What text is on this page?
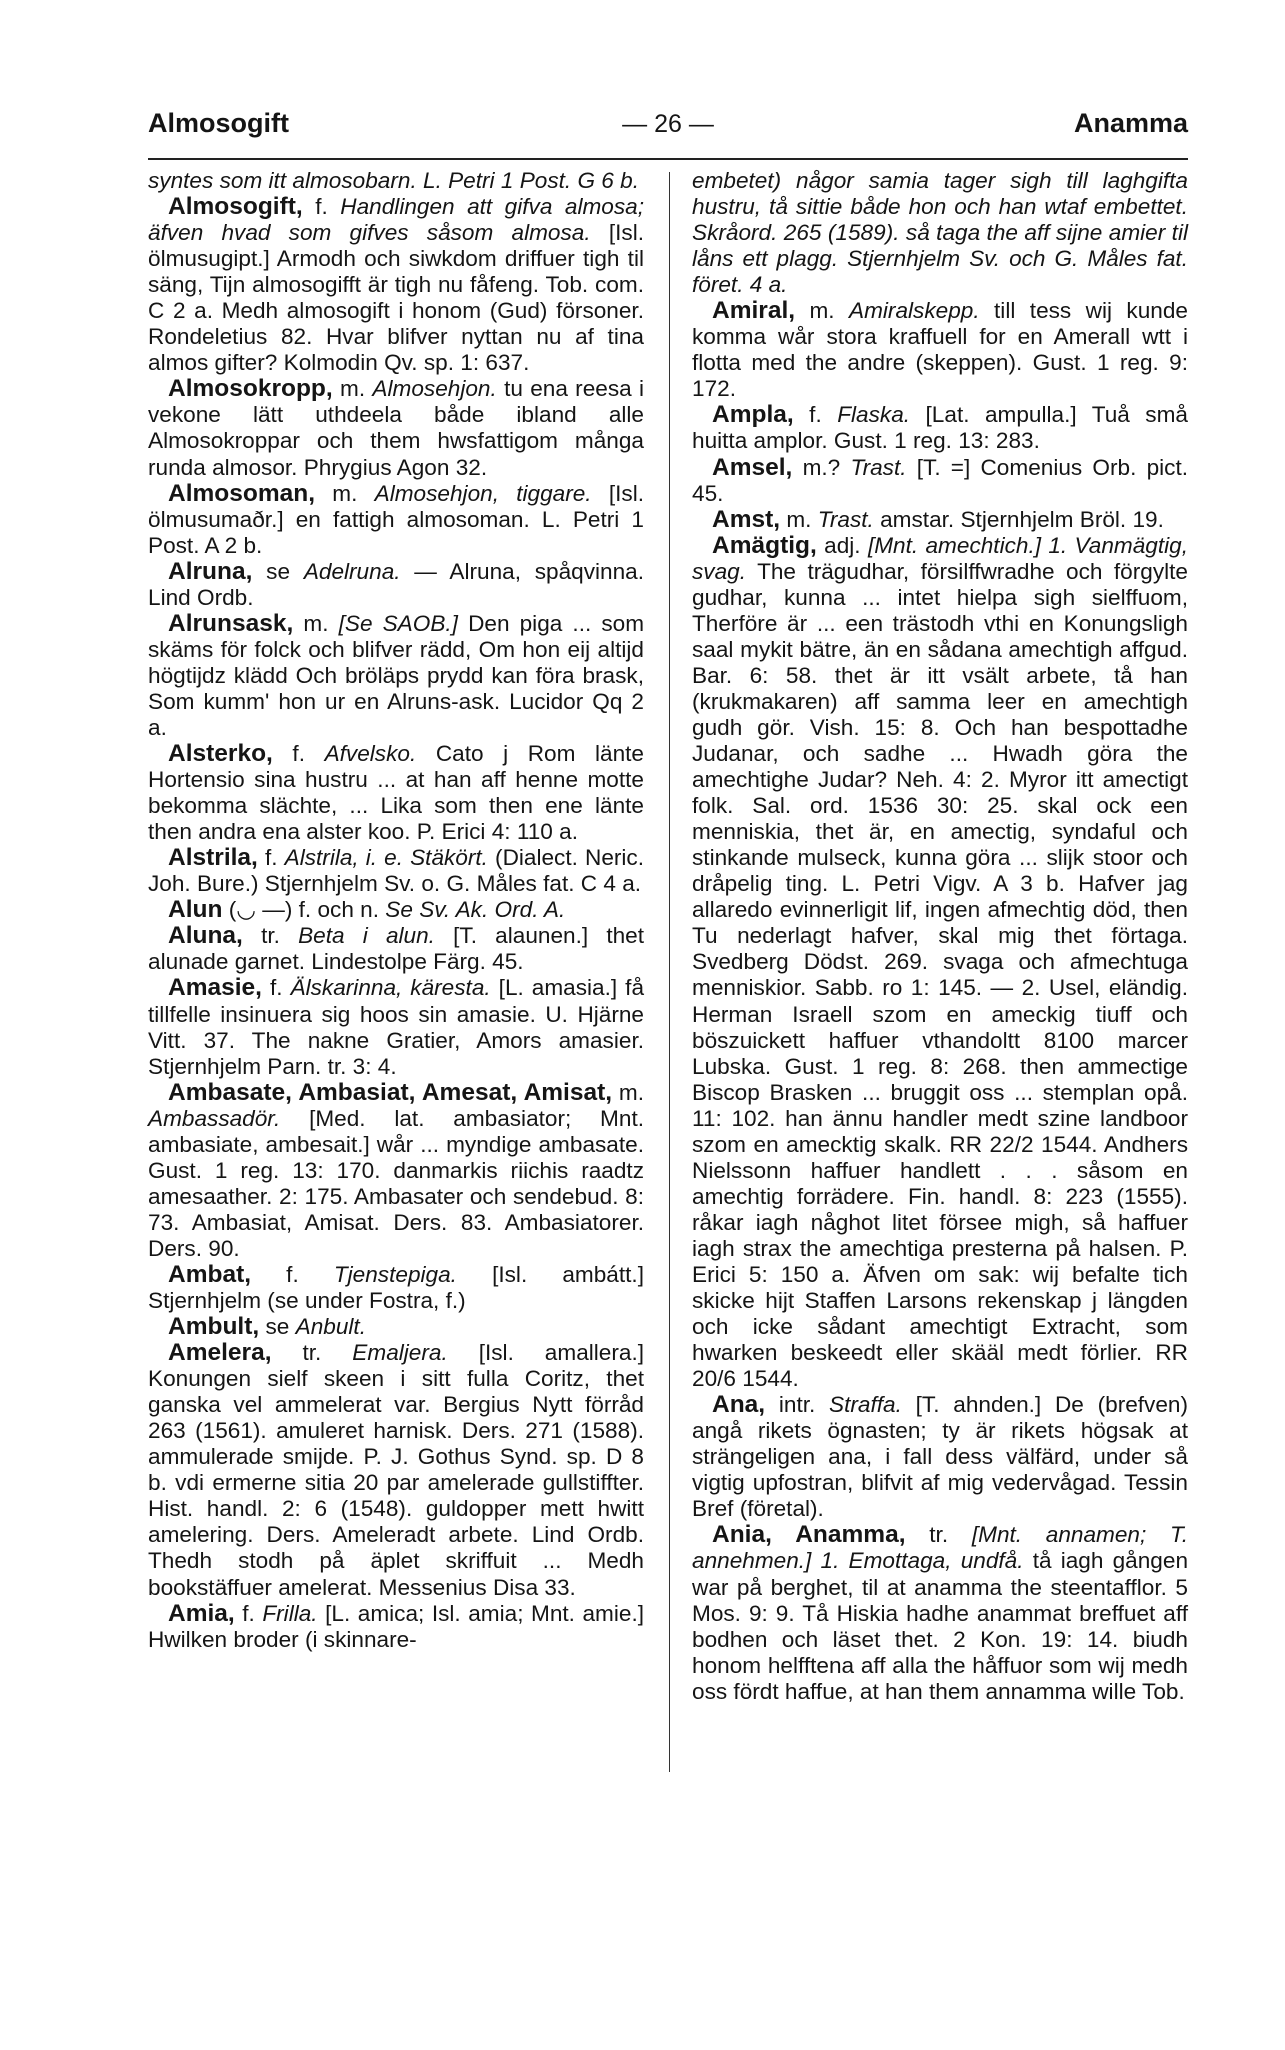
Almosogift	— 26 —	Anamma

syntes som itt almosobarn. L. Petri 1 Post. G 6 b.

Almosogift, f. Handlingen att gifva almosa; äfven hvad som gifves såsom almosa. [Isl. ölmusugipt.] Armodh och siwkdom driffuer tigh til säng, Tijn almosogifft är tigh nu fåfeng. Tob. com. C 2 a. Medh almosogift i honom (Gud) försoner. Rondeletius 82. Hvar blifver nyttan nu af tina almos gifter? Kolmodin Qv. sp. 1: 637.

Almosokropp, m. Almosehjon. tu ena reesa i vekone lätt uthdeela både ibland alle Almosokroppar och them hwsfattigom många runda almosor. Phrygius Agon 32.

Almosoman, m. Almosehjon, tiggare. [Isl. ölmusumaðr.] en fattigh almosoman. L. Petri 1 Post. A 2 b.

Alruna, se Adelruna. — Alruna, spåqvinna. Lind Ordb.

Alrunsask, m. [Se SAOB.] Den piga ... som skäms för folck och blifver rädd, Om hon eij altijd högtijdz klädd Och bröläps prydd kan föra brask, Som kumm' hon ur en Alruns-ask. Lucidor Qq 2 a.

Alsterko, f. Afvelsko. Cato j Rom länte Hortensio sina hustru ... at han aff henne motte bekomma slächte, ... Lika som then ene länte then andra ena alster koo. P. Erici 4: 110 a.

Alstrila, f. Alstrila, i. e. Stäkört. (Dialect. Neric. Joh. Bure.) Stjernhjelm Sv. o. G. Måles fat. C 4 a.

Alun (◡ —) f. och n. Se Sv. Ak. Ord. A.

Aluna, tr. Beta i alun. [T. alaunen.] thet alunade garnet. Lindestolpe Färg. 45.

Amasie, f. Älskarinna, käresta. [L. amasia.] få tillfelle insinuera sig hoos sin amasie. U. Hjärne Vitt. 37. The nakne Gratier, Amors amasier. Stjernhjelm Parn. tr. 3: 4.

Ambasate, Ambasiat, Amesat, Amisat, m. Ambassadör. [Med. lat. ambasiator; Mnt. ambasiate, ambesait.] wår ... myndige ambasate. Gust. 1 reg. 13: 170. danmarkis riichis raadtz amesaather. 2: 175. Ambasater och sendebud. 8: 73. Ambasiat, Amisat. Ders. 83. Ambasiatorer. Ders. 90.

Ambat, f. Tjenstepiga. [Isl. ambátt.] Stjernhjelm (se under Fostra, f.)

Ambult, se Anbult.

Amelera, tr. Emaljera. [Isl. amallera.] Konungen sielf skeen i sitt fulla Coritz, thet ganska vel ammelerat var. Bergius Nytt förråd 263 (1561). amuleret harnisk. Ders. 271 (1588). ammulerade smijde. P. J. Gothus Synd. sp. D 8 b. vdi ermerne sitia 20 par amelerade gullstiffter. Hist. handl. 2: 6 (1548). guldopper mett hwitt amelering. Ders. Ameleradt arbete. Lind Ordb. Thedh stodh på äplet skriffuit ... Medh bookstäffuer amelerat. Messenius Disa 33.

Amia, f. Frilla. [L. amica; Isl. amia; Mnt. amie.] Hwilken broder (i skinnare-

embetet) någor samia tager sigh till laghgifta hustru, tå sittie både hon och han wtaf embettet. Skråord. 265 (1589). så taga the aff sijne amier til låns ett plagg. Stjernhjelm Sv. och G. Måles fat. föret. 4 a.

Amiral, m. Amiralskepp. till tess wij kunde komma wår stora kraffuell for en Amerall wtt i flotta med the andre (skeppen). Gust. 1 reg. 9: 172.

Ampla, f. Flaska. [Lat. ampulla.] Tuå små huitta amplor. Gust. 1 reg. 13: 283.

Amsel, m.? Trast. [T. =] Comenius Orb. pict. 45.

Amst, m. Trast. amstar. Stjernhjelm Bröl. 19.

Amägtig, adj. [Mnt. amechtich.] 1. Vanmägtig, svag. The trägudhar, försilffwradhe och förgylte gudhar, kunna ... intet hielpa sigh sielffuom, Therföre är ... een trästodh vthi en Konungsligh saal mykit bätre, än en sådana amechtigh affgud. Bar. 6: 58. thet är itt vsält arbete, tå han (krukmakaren) aff samma leer en amechtigh gudh gör. Vish. 15: 8. Och han bespottadhe Judanar, och sadhe ... Hwadh göra the amechtighe Judar? Neh. 4: 2. Myror itt amectigt folk. Sal. ord. 1536 30: 25. skal ock een menniskia, thet är, en amectig, syndaful och stinkande mulseck, kunna göra ... slijk stoor och dråpelig ting. L. Petri Vigv. A 3 b. Hafver jag allaredo evinnerligit lif, ingen afmechtig död, then Tu nederlagt hafver, skal mig thet förtaga. Svedberg Dödst. 269. svaga och afmechtuga menniskior. Sabb. ro 1: 145. — 2. Usel, eländig. Herman Israell szom en ameckig tiuff och böszuickett haffuer vthandoltt 8100 marcer Lubska. Gust. 1 reg. 8: 268. then ammectige Biscop Brasken ... bruggit oss ... stemplan opå. 11: 102. han ännu handler medt szine landboor szom en amecktig skalk. RR 22/2 1544. Andhers Nielssonn haffuer handlett . . . såsom en amechtig forrädere. Fin. handl. 8: 223 (1555). råkar iagh någhot litet försee migh, så haffuer iagh strax the amechtiga presterna på halsen. P. Erici 5: 150 a. Äfven om sak: wij befalte tich skicke hijt Staffen Larsons rekenskap j längden och icke sådant amechtigt Extracht, som hwarken beskeedt eller skääl medt förlier. RR 20/6 1544.

Ana, intr. Straffa. [T. ahnden.] De (brefven) angå rikets ögnasten; ty är rikets högsak at strängeligen ana, i fall dess välfärd, under så vigtig upfostran, blifvit af mig vedervågad. Tessin Bref (företal).

Ania, Anamma, tr. [Mnt. annamen; T. annehmen.] 1. Emottaga, undfå. tå iagh gången war på berghet, til at anamma the steentafflor. 5 Mos. 9: 9. Tå Hiskia hadhe anammat breffuet aff bodhen och läset thet. 2 Kon. 19: 14. biudh honom helfftena aff alla the håffuor som wij medh oss fördt haffue, at han them annamma wille Tob.
